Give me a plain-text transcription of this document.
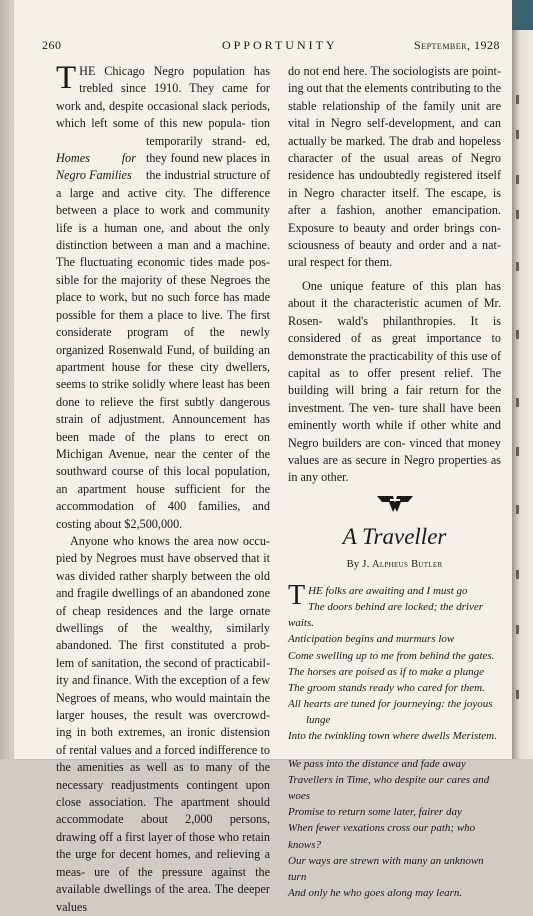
260	OPPORTUNITY	September, 1928

T HE Chicago Negro population has trebled since 1910. They came for work and, despite occasional slack periods, which left some of this new popula-
Homes for Negro Families
tion temporarily strand- ed, they found new places in the industrial structure of a large and active city. The difference between a place to work and community life is a human one, and about the only distinction between a man and a machine. The fluctuating economic tides made pos- sible for the majority of these Negroes the place to work, but no such force has made possible for them a place to live. The first considerate program of the newly organized Rosenwald Fund, of building an apartment house for these city dwellers, seems to strike solidly where least has been done to relieve the first subtly dangerous strain of adjustment. Announcement has been made of the plans to erect on Michigan Avenue, near the center of the southward course of this local population, an apartment house sufficient for the accommodation of 400 families, and costing about $2,500,000.

Anyone who knows the area now occu- pied by Negroes must have observed that it was divided rather sharply between the old and fragile dwellings of an abandoned zone of cheap residences and the large ornate dwellings of the wealthy, similarly abandoned. The first constituted a prob- lem of sanitation, the second of practicabil- ity and finance. With the exception of a few Negroes of means, who would maintain the larger houses, the result was overcrowd- ing in both extremes, an ironic distension of rental values and a forced indifference to the amenities as well as to many of the necessary readjustments contingent upon close association. The apartment should accommodate about 2,000 persons, drawing off a first layer of those who retain the urge for decent homes, and relieving a meas- ure of the pressure against the available dwellings of the area. The deeper values

do not end here. The sociologists are point- ing out that the elements contributing to the stable relationship of the family unit are vital in Negro self-development, and can actually be marked. The drab and hopeless character of the usual areas of Negro residence has undoubtedly registered itself in Negro character itself. The escape, is after a fashion, another emancipation. Exposure to beauty and order brings con- sciousness of beauty and order and a nat- ural respect for them.

One unique feature of this plan has about it the characteristic acumen of Mr. Rosen- wald's philanthropies. It is considered of as great importance to demonstrate the practicability of this use of capital as to offer present relief. The building will bring a fair return for the investment. The ven- ture shall have been eminently worth while if other white and Negro builders are con- vinced that money values are as secure in Negro properties as in any other.

A Traveller
By J. Alpheus Butler
T HE folks are awaiting and I must go
The doors behind are locked; the driver waits.
Anticipation begins and murmurs low
Come swelling up to me from behind the gates.
The horses are poised as if to make a plunge
The groom stands ready who cared for them.
All hearts are tuned for journeying: the joyous
lunge
Into the twinkling town where dwells Meristem.
We pass into the distance and fade away
Travellers in Time, who despite our cares and woes
Promise to return some later, fairer day
When fewer vexations cross our path; who knows?
Our ways are strewn with many an unknown turn
And only he who goes along may learn.
